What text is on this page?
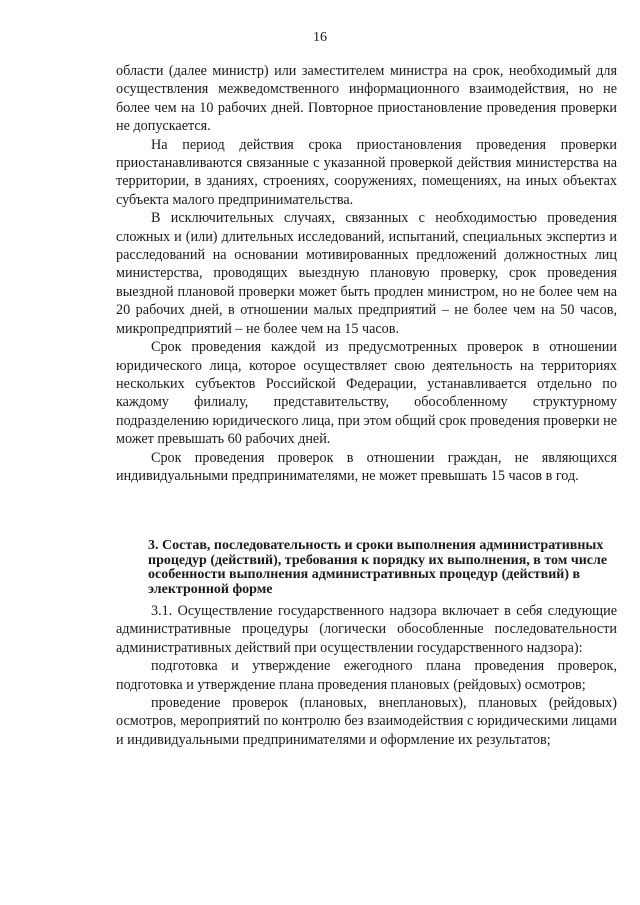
16

области (далее министр) или заместителем министра на срок, необходимый для осуществления межведомственного информационного взаимодействия, но не более чем на 10 рабочих дней. Повторное приостановление проведения проверки не допускается.

На период действия срока приостановления проведения проверки приостанавливаются связанные с указанной проверкой действия министерства на территории, в зданиях, строениях, сооружениях, помещениях, на иных объектах субъекта малого предпринимательства.

В исключительных случаях, связанных с необходимостью проведения сложных и (или) длительных исследований, испытаний, специальных экспертиз и расследований на основании мотивированных предложений должностных лиц министерства, проводящих выездную плановую проверку, срок проведения выездной плановой проверки может быть продлен министром, но не более чем на 20 рабочих дней, в отношении малых предприятий – не более чем на 50 часов, микропредприятий – не более чем на 15 часов.

Срок проведения каждой из предусмотренных проверок в отношении юридического лица, которое осуществляет свою деятельность на территориях нескольких субъектов Российской Федерации, устанавливается отдельно по каждому филиалу, представительству, обособленному структурному подразделению юридического лица, при этом общий срок проведения проверки не может превышать 60 рабочих дней.

Срок проведения проверок в отношении граждан, не являющихся индивидуальными предпринимателями, не может превышать 15 часов в год.

3. Состав, последовательность и сроки выполнения административных процедур (действий), требования к порядку их выполнения, в том числе особенности выполнения административных процедур (действий) в электронной форме

3.1. Осуществление государственного надзора включает в себя следующие административные процедуры (логически обособленные последовательности административных действий при осуществлении государственного надзора):

подготовка и утверждение ежегодного плана проведения проверок, подготовка и утверждение плана проведения плановых (рейдовых) осмотров;

проведение проверок (плановых, внеплановых), плановых (рейдовых) осмотров, мероприятий по контролю без взаимодействия с юридическими лицами и индивидуальными предпринимателями и оформление их результатов;
